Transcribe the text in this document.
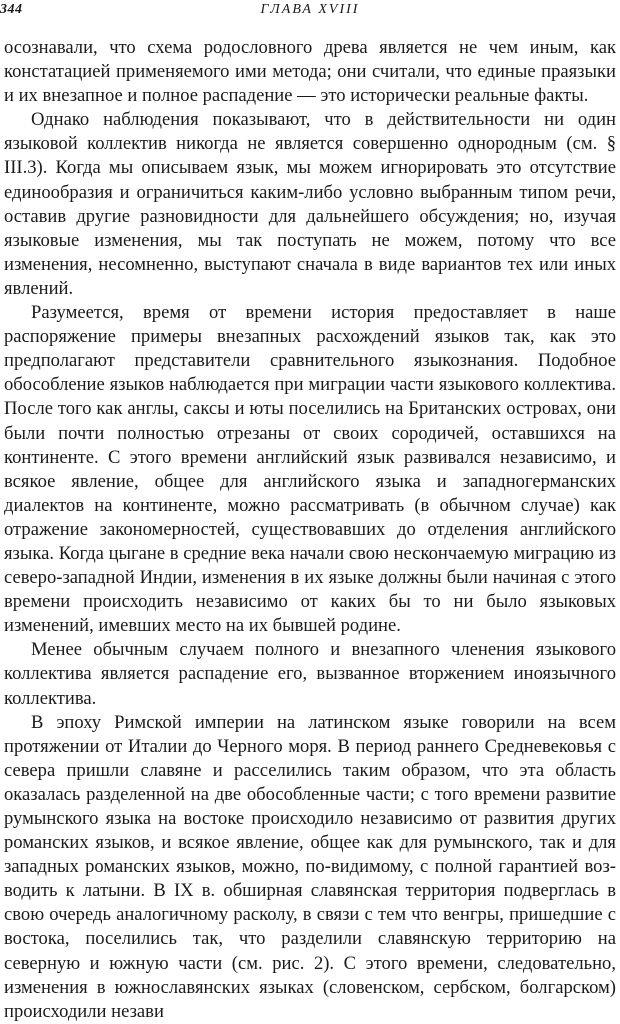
344	ГЛАВА XVIII

осознавали, что схема родословного древа является не чем иным, как констатацией применяемого ими метода; они считали, что единые праязыки и их внезапное и полное распадение — это исторически реальные факты.

Однако наблюдения показывают, что в действительности ни один языковой коллектив никогда не является совершенно однородным (см. § III.3). Когда мы описываем язык, мы можем игнорировать это отсутствие единообразия и ограничиться каким-либо условно выбранным типом речи, оставив другие разновидности для дальнейшего обсуждения; но, изучая языковые изменения, мы так поступать не можем, потому что все изменения, несомненно, выступают сначала в виде вариантов тех или иных явлений.

Разумеется, время от времени история предоставляет в наше распоряжение примеры внезапных расхождений языков так, как это предполагают представители сравнительного языкознания. Подобное обособление языков наблюдается при миграции части языкового коллектива. После того как англы, саксы и юты поселились на Британских островах, они были почти полностью отрезаны от своих сородичей, оставшихся на континенте. С этого времени английский язык развивался независимо, и всякое явление, общее для английского языка и западногерманских диалектов на континенте, можно рассматривать (в обычном случае) как отражение закономерностей, существовавших до отделения английского языка. Когда цыгане в средние века начали свою нескончаемую миграцию из северо-западной Индии, изменения в их языке должны были начиная с этого времени происходить независимо от каких бы то ни было языковых изменений, имевших место на их бывшей родине.

Менее обычным случаем полного и внезапного членения языкового коллектива является распадение его, вызванное вторжением иноязычного коллектива.

В эпоху Римской империи на латинском языке говорили на всем протяжении от Италии до Черного моря. В период раннего Средневековья с севера пришли славяне и расселились таким образом, что эта область оказалась разделенной на две обособленные части; с того времени развитие румынского языка на востоке происходило независимо от развития других романских языков, и всякое явление, общее как для румынского, так и для западных романских языков, можно, по-видимому, с полной гарантией возводить к латыни. В IX в. обширная славянская территория подверглась в свою очередь аналогичному расколу, в связи с тем что венгры, пришедшие с востока, поселились так, что разделили славянскую территорию на северную и южную части (см. рис. 2). С этого времени, следовательно, изменения в южнославянских языках (словенском, сербском, болгарском) происходили незави
